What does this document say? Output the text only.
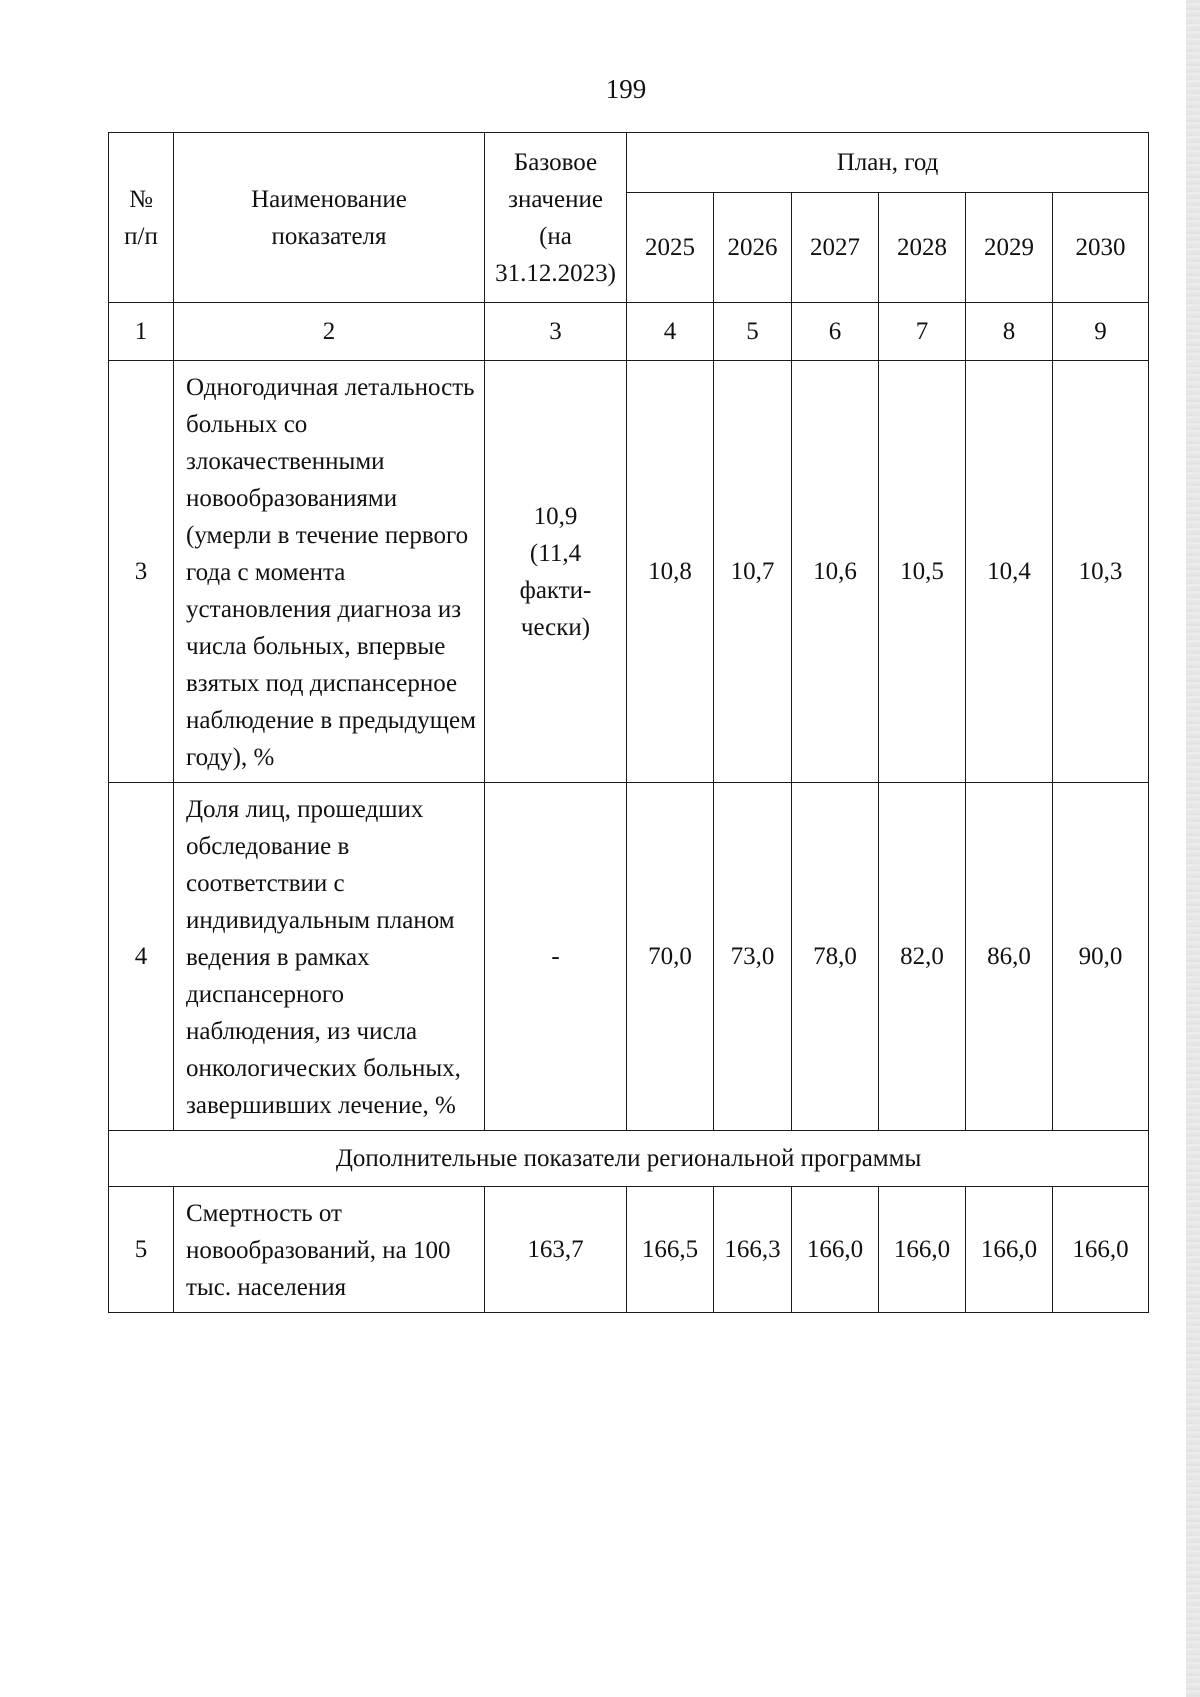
199
№ п/п	Наименование показателя	Базовое значение (на 31.12.2023)	План, год					
			2025	2026	2027	2028	2029	2030
1	2	3	4	5	6	7	8	9
3	Одногодичная летальность больных со злокачественными новообразованиями (умерли в течение первого года с момента установления диагноза из числа больных, впервые взятых под диспансерное наблюдение в предыдущем году), %	10,9 (11,4 факти-чески)	10,8	10,7	10,6	10,5	10,4	10,3
4	Доля лиц, прошедших обследование в соответствии с индивидуальным планом ведения в рамках диспансерного наблюдения, из числа онкологических больных, завершивших лечение, %	-	70,0	73,0	78,0	82,0	86,0	90,0
Дополнительные показатели региональной программы								
5	Смертность от новообразований, на 100 тыс. населения	163,7	166,5	166,3	166,0	166,0	166,0	166,0
